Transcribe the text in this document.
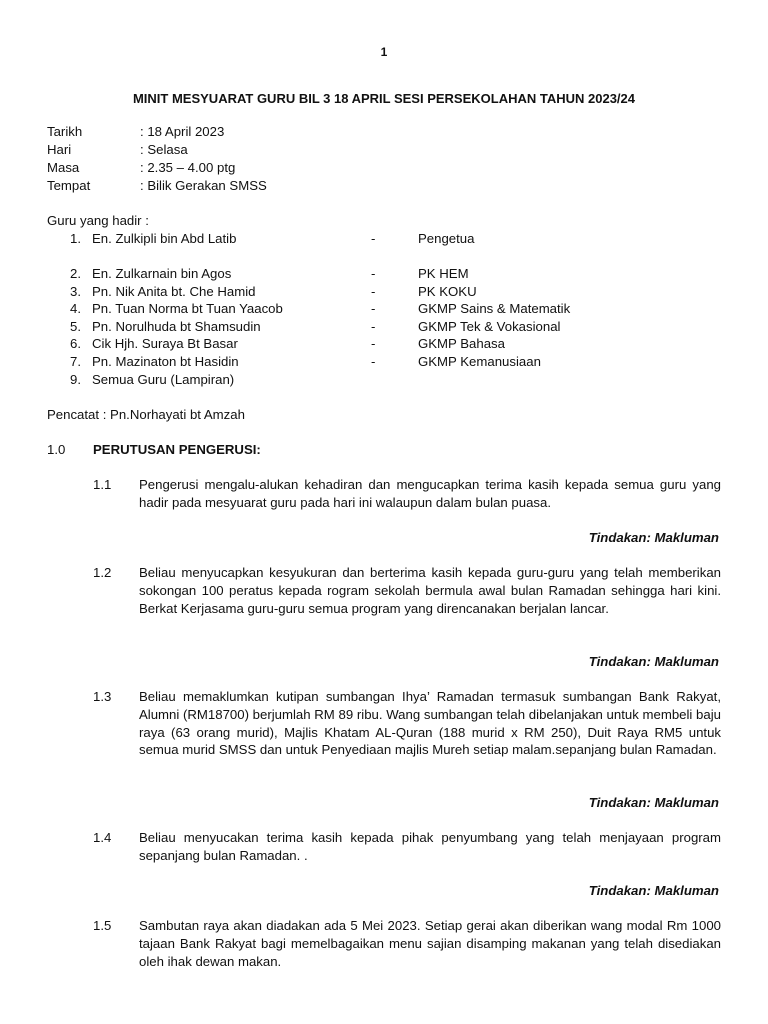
1
MINIT MESYUARAT GURU BIL 3 18 APRIL SESI PERSEKOLAHAN TAHUN 2023/24
Tarikh	: 18 April 2023
Hari	: Selasa
Masa	: 2.35 – 4.00 ptg
Tempat	: Bilik Gerakan SMSS
Guru yang hadir :
1. En. Zulkipli bin Abd Latib	-	Pengetua
2. En. Zulkarnain bin Agos	-	PK HEM
3. Pn. Nik Anita bt. Che Hamid	-	PK KOKU
4. Pn. Tuan Norma bt Tuan Yaacob	-	GKMP Sains & Matematik
5. Pn. Norulhuda bt Shamsudin	-	GKMP Tek & Vokasional
6. Cik Hjh. Suraya Bt Basar	-	GKMP Bahasa
7. Pn. Mazinaton bt Hasidin	-	GKMP Kemanusiaan
9. Semua Guru (Lampiran)
Pencatat : Pn.Norhayati bt Amzah
1.0 PERUTUSAN PENGERUSI:
1.1 Pengerusi mengalu-alukan kehadiran dan mengucapkan terima kasih kepada semua guru yang hadir pada mesyuarat guru pada hari ini walaupun dalam bulan puasa.
Tindakan: Makluman
1.2 Beliau menyucapkan kesyukuran dan berterima kasih kepada guru-guru yang telah memberikan sokongan 100 peratus kepada rogram sekolah bermula awal bulan Ramadan sehingga hari kini. Berkat Kerjasama guru-guru semua program yang direncanakan berjalan lancar.
Tindakan: Makluman
1.3 Beliau memaklumkan kutipan sumbangan Ihya’ Ramadan termasuk sumbangan Bank Rakyat, Alumni (RM18700) berjumlah RM 89 ribu. Wang sumbangan telah dibelanjakan untuk membeli baju raya (63 orang murid), Majlis Khatam AL-Quran (188 murid x RM 250), Duit Raya RM5 untuk semua murid SMSS dan untuk Penyediaan majlis Mureh setiap malam.sepanjang bulan Ramadan.
Tindakan: Makluman
1.4 Beliau menyucakan terima kasih kepada pihak penyumbang yang telah menjayaan program sepanjang bulan Ramadan. .
Tindakan: Makluman
1.5 Sambutan raya akan diadakan ada 5 Mei 2023. Setiap gerai akan diberikan wang modal Rm 1000 tajaan Bank Rakyat bagi memelbagaikan menu sajian disamping makanan yang telah disediakan oleh ihak dewan makan.
